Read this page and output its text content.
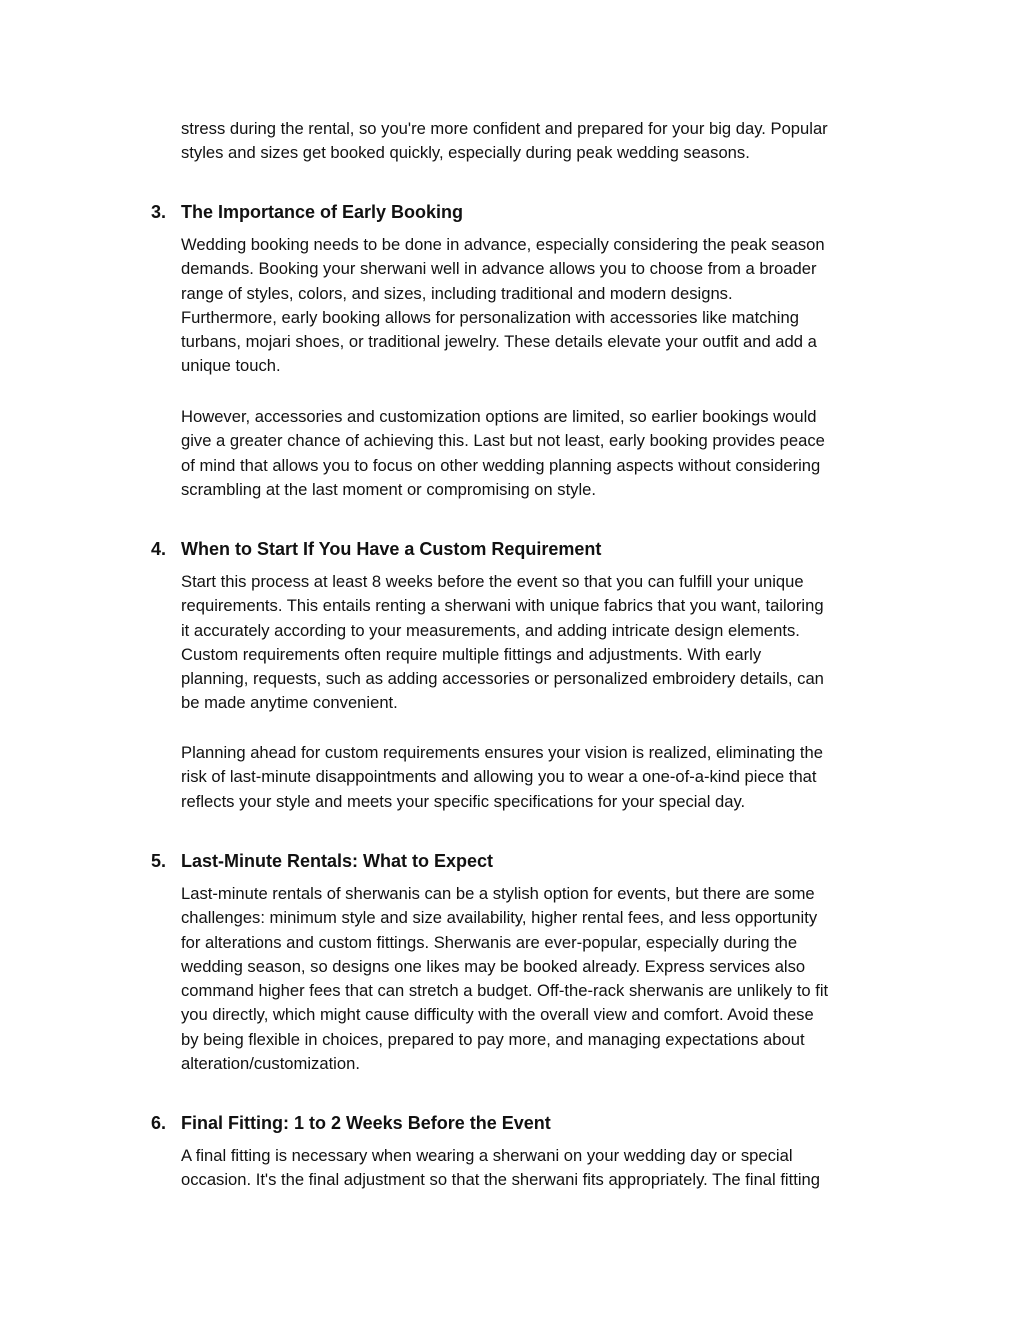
stress during the rental, so you're more confident and prepared for your big day. Popular
styles and sizes get booked quickly, especially during peak wedding seasons.

3. The Importance of Early Booking

Wedding booking needs to be done in advance, especially considering the peak season
demands. Booking your sherwani well in advance allows you to choose from a broader
range of styles, colors, and sizes, including traditional and modern designs.
Furthermore, early booking allows for personalization with accessories like matching
turbans, mojari shoes, or traditional jewelry. These details elevate your outfit and add a
unique touch.

However, accessories and customization options are limited, so earlier bookings would
give a greater chance of achieving this. Last but not least, early booking provides peace
of mind that allows you to focus on other wedding planning aspects without considering
scrambling at the last moment or compromising on style.

4. When to Start If You Have a Custom Requirement

Start this process at least 8 weeks before the event so that you can fulfill your unique
requirements. This entails renting a sherwani with unique fabrics that you want, tailoring
it accurately according to your measurements, and adding intricate design elements.
Custom requirements often require multiple fittings and adjustments. With early
planning, requests, such as adding accessories or personalized embroidery details, can
be made anytime convenient.

Planning ahead for custom requirements ensures your vision is realized, eliminating the
risk of last-minute disappointments and allowing you to wear a one-of-a-kind piece that
reflects your style and meets your specific specifications for your special day.

5. Last-Minute Rentals: What to Expect

Last-minute rentals of sherwanis can be a stylish option for events, but there are some
challenges: minimum style and size availability, higher rental fees, and less opportunity
for alterations and custom fittings. Sherwanis are ever-popular, especially during the
wedding season, so designs one likes may be booked already. Express services also
command higher fees that can stretch a budget. Off-the-rack sherwanis are unlikely to fit
you directly, which might cause difficulty with the overall view and comfort. Avoid these
by being flexible in choices, prepared to pay more, and managing expectations about
alteration/customization.

6. Final Fitting: 1 to 2 Weeks Before the Event

A final fitting is necessary when wearing a sherwani on your wedding day or special
occasion. It's the final adjustment so that the sherwani fits appropriately. The final fitting
